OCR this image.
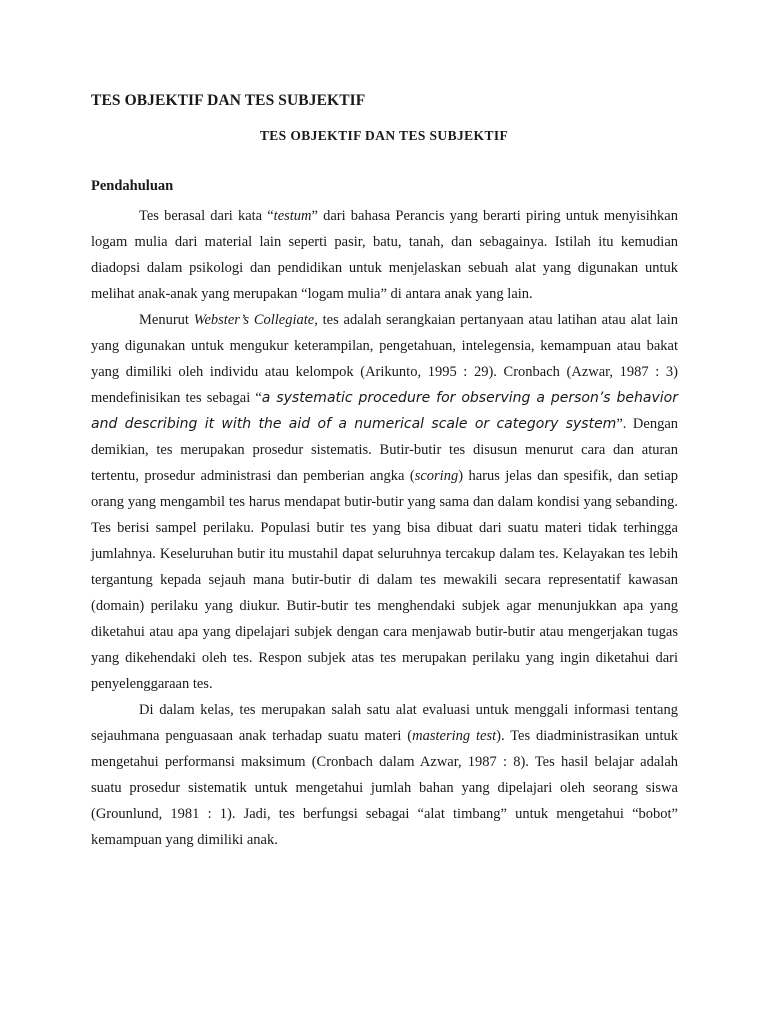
TES OBJEKTIF DAN TES SUBJEKTIF
TES OBJEKTIF DAN TES SUBJEKTIF
Pendahuluan

Tes berasal dari kata “testum” dari bahasa Perancis yang berarti piring untuk menyisihkan logam mulia dari material lain seperti pasir, batu, tanah, dan sebagainya. Istilah itu kemudian diadopsi dalam psikologi dan pendidikan untuk menjelaskan sebuah alat yang digunakan untuk melihat anak-anak yang merupakan “logam mulia” di antara anak yang lain.

Menurut Webster’s Collegiate, tes adalah serangkaian pertanyaan atau latihan atau alat lain yang digunakan untuk mengukur keterampilan, pengetahuan, intelegensia, kemampuan atau bakat yang dimiliki oleh individu atau kelompok (Arikunto, 1995 : 29). Cronbach (Azwar, 1987 : 3) mendefinisikan tes sebagai “a systematic procedure for observing a person’s behavior and describing it with the aid of a numerical scale or category system”. Dengan demikian, tes merupakan prosedur sistematis. Butir-butir tes disusun menurut cara dan aturan tertentu, prosedur administrasi dan pemberian angka (scoring) harus jelas dan spesifik, dan setiap orang yang mengambil tes harus mendapat butir-butir yang sama dan dalam kondisi yang sebanding. Tes berisi sampel perilaku. Populasi butir tes yang bisa dibuat dari suatu materi tidak terhingga jumlahnya. Keseluruhan butir itu mustahil dapat seluruhnya tercakup dalam tes. Kelayakan tes lebih tergantung kepada sejauh mana butir-butir di dalam tes mewakili secara representatif kawasan (domain) perilaku yang diukur. Butir-butir tes menghendaki subjek agar menunjukkan apa yang diketahui atau apa yang dipelajari subjek dengan cara menjawab butir-butir atau mengerjakan tugas yang dikehendaki oleh tes. Respon subjek atas tes merupakan perilaku yang ingin diketahui dari penyelenggaraan tes.

Di dalam kelas, tes merupakan salah satu alat evaluasi untuk menggali informasi tentang sejauhmana penguasaan anak terhadap suatu materi (mastering test). Tes diadministrasikan untuk mengetahui performansi maksimum (Cronbach dalam Azwar, 1987 : 8). Tes hasil belajar adalah suatu prosedur sistematik untuk mengetahui jumlah bahan yang dipelajari oleh seorang siswa (Grounlund, 1981 : 1). Jadi, tes berfungsi sebagai “alat timbang” untuk mengetahui “bobot” kemampuan yang dimiliki anak.
